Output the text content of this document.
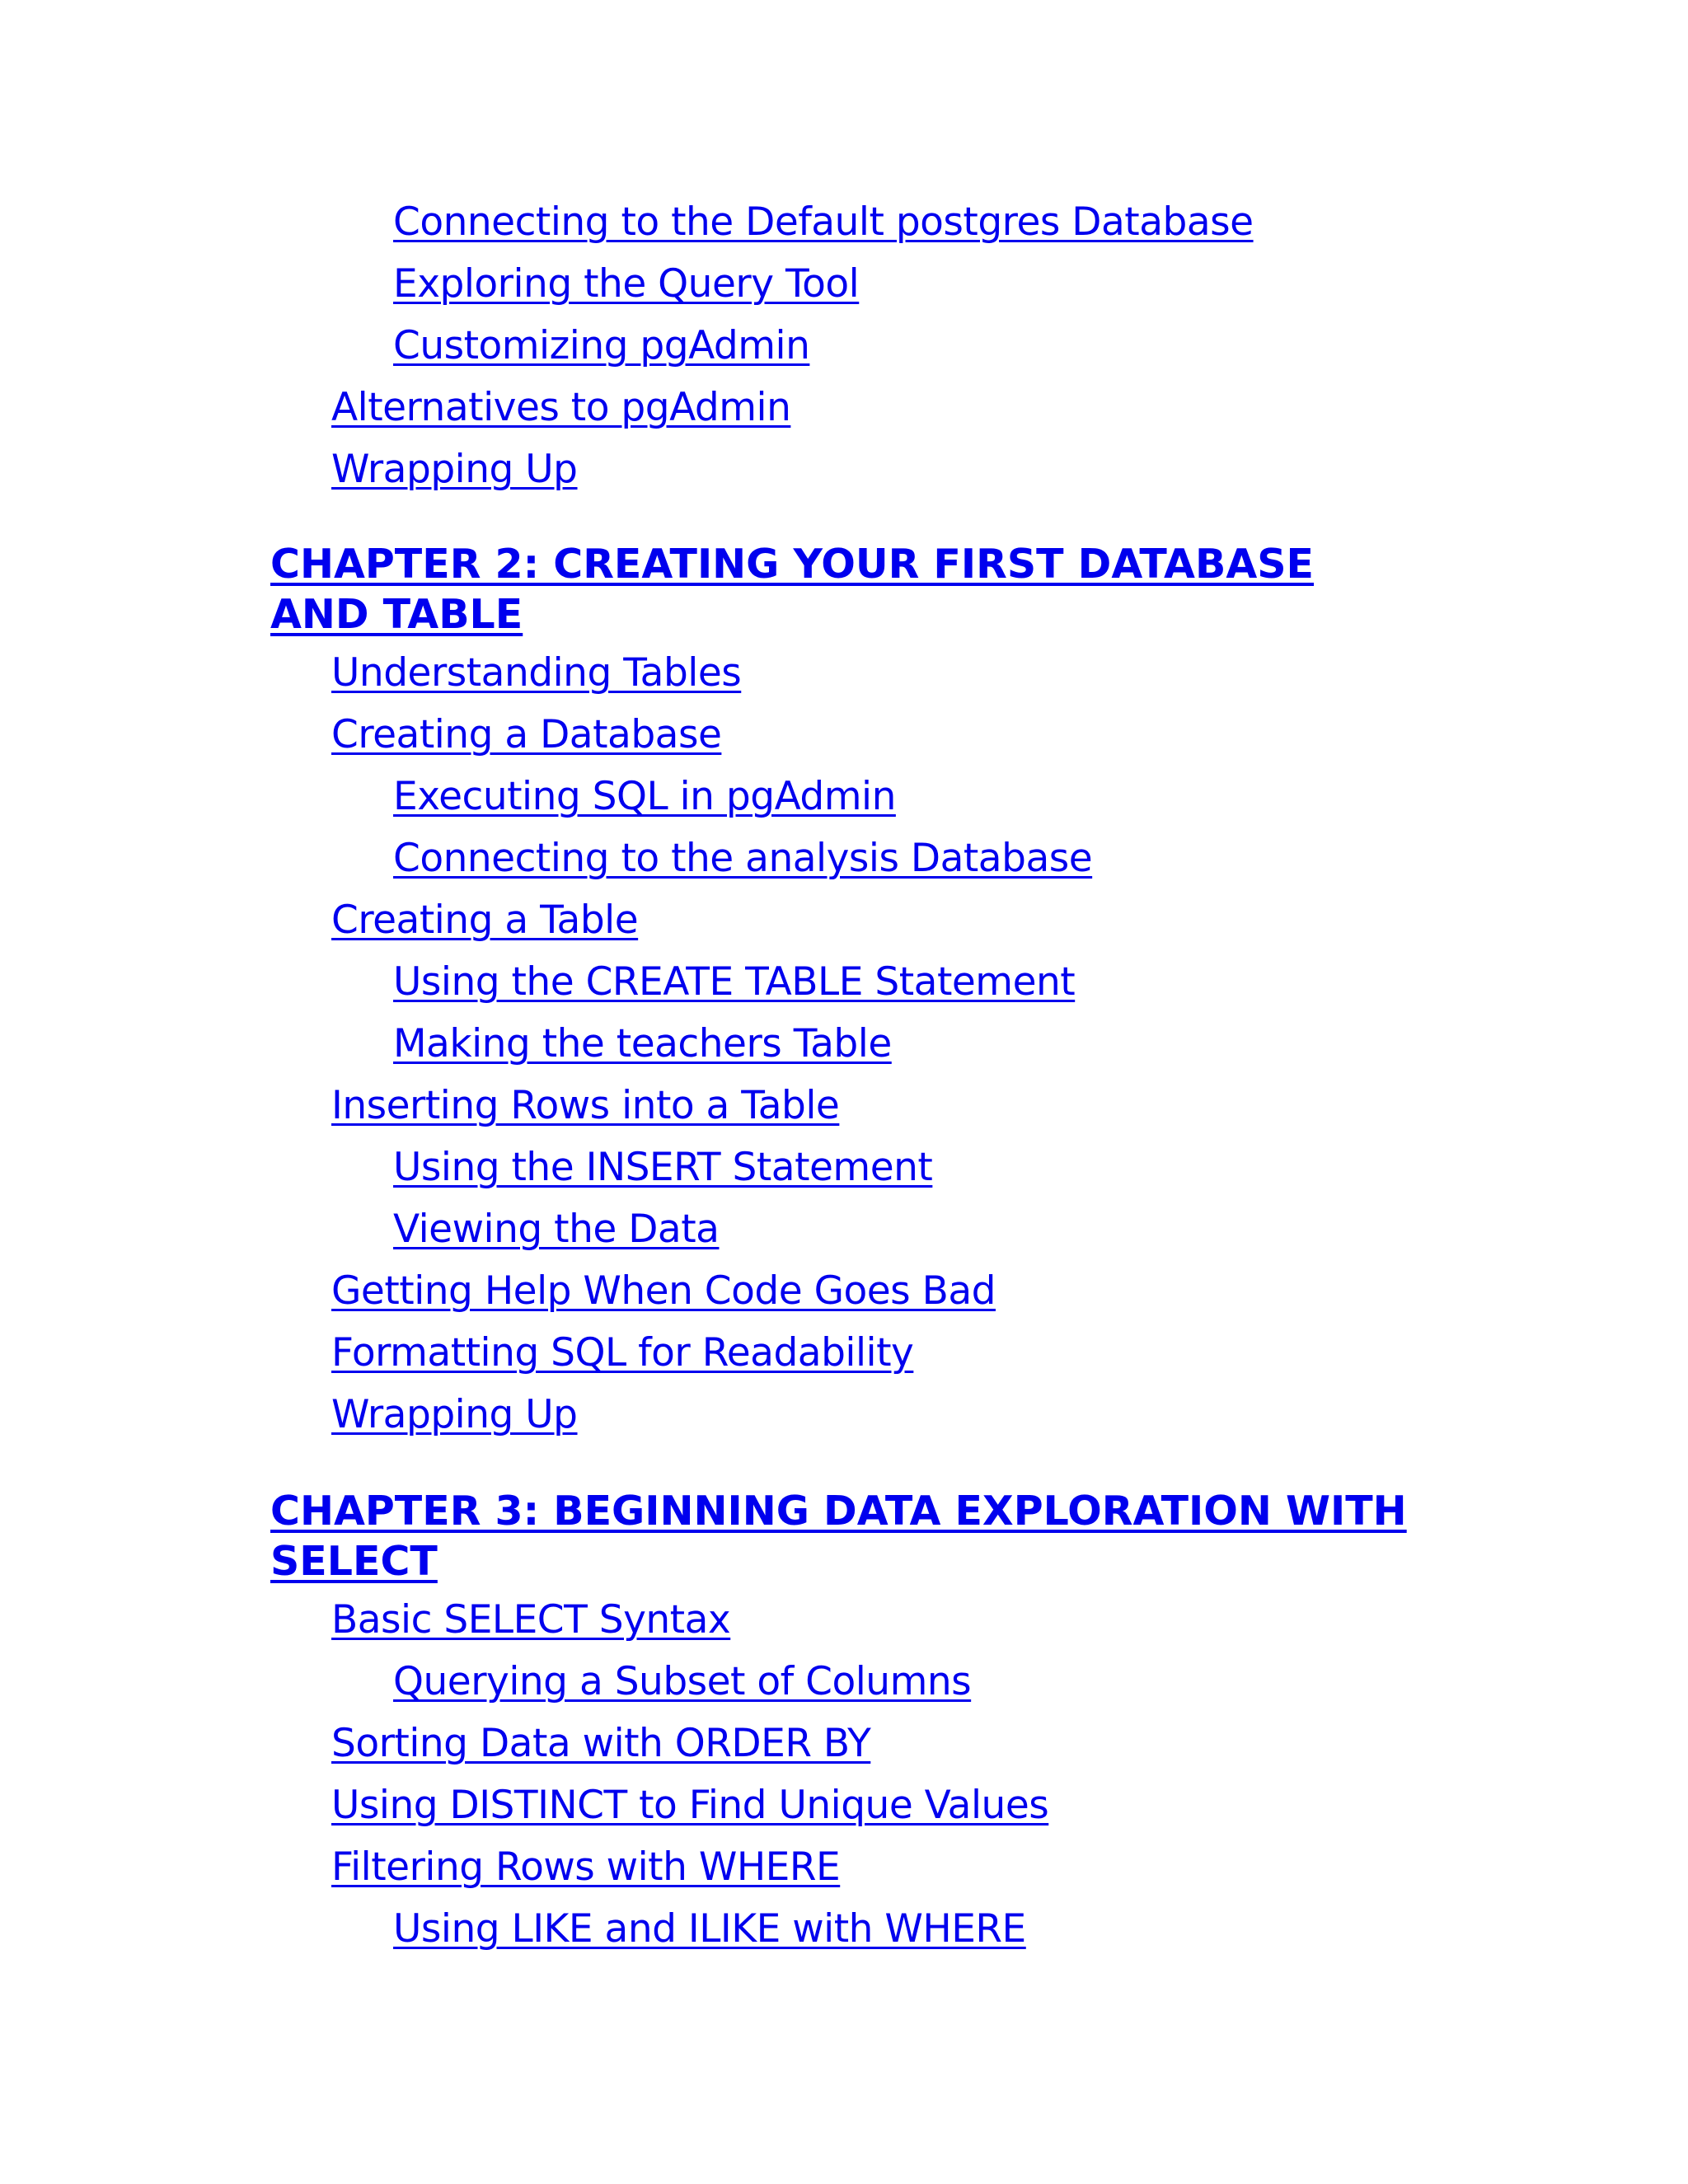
Connecting to the Default postgres Database
Exploring the Query Tool
Customizing pgAdmin
Alternatives to pgAdmin
Wrapping Up
CHAPTER 2: CREATING YOUR FIRST DATABASE AND TABLE
Understanding Tables
Creating a Database
Executing SQL in pgAdmin
Connecting to the analysis Database
Creating a Table
Using the CREATE TABLE Statement
Making the teachers Table
Inserting Rows into a Table
Using the INSERT Statement
Viewing the Data
Getting Help When Code Goes Bad
Formatting SQL for Readability
Wrapping Up
CHAPTER 3: BEGINNING DATA EXPLORATION WITH SELECT
Basic SELECT Syntax
Querying a Subset of Columns
Sorting Data with ORDER BY
Using DISTINCT to Find Unique Values
Filtering Rows with WHERE
Using LIKE and ILIKE with WHERE
